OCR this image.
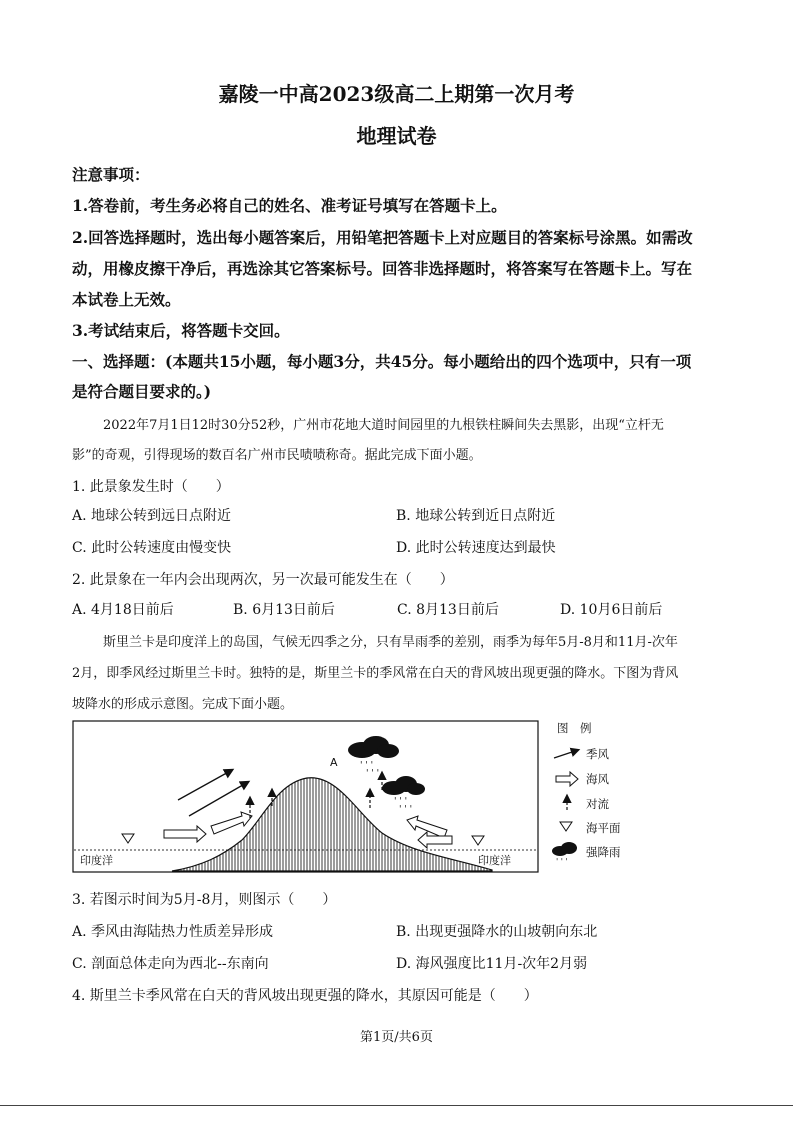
嘉陵一中高2023级高二上期第一次月考
地理试卷
注意事项：
1.答卷前，考生务必将自己的姓名、准考证号填写在答题卡上。
2.回答选择题时，选出每小题答案后，用铅笔把答题卡上对应题目的答案标号涂黑。如需改
动，用橡皮擦干净后，再选涂其它答案标号。回答非选择题时，将答案写在答题卡上。写在
本试卷上无效。
3.考试结束后，将答题卡交回。
一、选择题：(本题共15小题，每小题3分，共45分。每小题给出的四个选项中，只有一项
是符合题目要求的。)
2022年7月1日12时30分52秒，广州市花地大道时间园里的九根铁柱瞬间失去黑影，出现“立杆无
影”的奇观，引得现场的数百名广州市民啧啧称奇。据此完成下面小题。
1. 此景象发生时（　　）
A. 地球公转到远日点附近	B. 地球公转到近日点附近
C. 此时公转速度由慢变快	D. 此时公转速度达到最快
2. 此景象在一年内会出现两次，另一次最可能发生在（　　）
A. 4月18日前后	B. 6月13日前后	C. 8月13日前后	D. 10月6日前后
斯里兰卡是印度洋上的岛国，气候无四季之分，只有旱雨季的差别，雨季为每年5月-8月和11月-次年
2月，即季风经过斯里兰卡时。独特的是，斯里兰卡的季风常在白天的背风坡出现更强的降水。下图为背风
坡降水的形成示意图。完成下面小题。
' ' '
' ' '
' ' '
' ' '
A
印度洋	印度洋
图　例
季风
海风
对流
海平面
' ' '
强降雨
3. 若图示时间为5月-8月，则图示（　　）
A. 季风由海陆热力性质差异形成	B. 出现更强降水的山坡朝向东北
C. 剖面总体走向为西北--东南向	D. 海风强度比11月-次年2月弱
4. 斯里兰卡季风常在白天的背风坡出现更强的降水，其原因可能是（　　）
第1页/共6页
